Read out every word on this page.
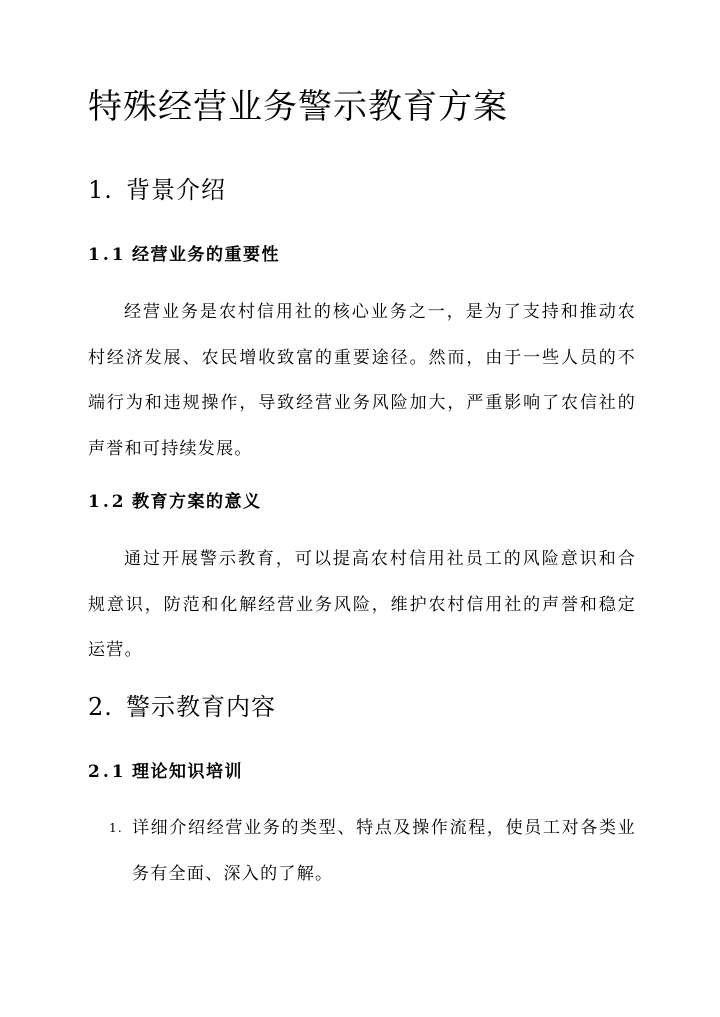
特殊经营业务警示教育方案
1. 背景介绍
1.1 经营业务的重要性

经营业务是农村信用社的核心业务之一，是为了支持和推动农村经济发展、农民增收致富的重要途径。然而，由于一些人员的不端行为和违规操作，导致经营业务风险加大，严重影响了农信社的声誉和可持续发展。

1.2 教育方案的意义

通过开展警示教育，可以提高农村信用社员工的风险意识和合规意识，防范和化解经营业务风险，维护农村信用社的声誉和稳定运营。

2. 警示教育内容
2.1 理论知识培训
1. 详细介绍经营业务的类型、特点及操作流程，使员工对各类业务有全面、深入的了解。
